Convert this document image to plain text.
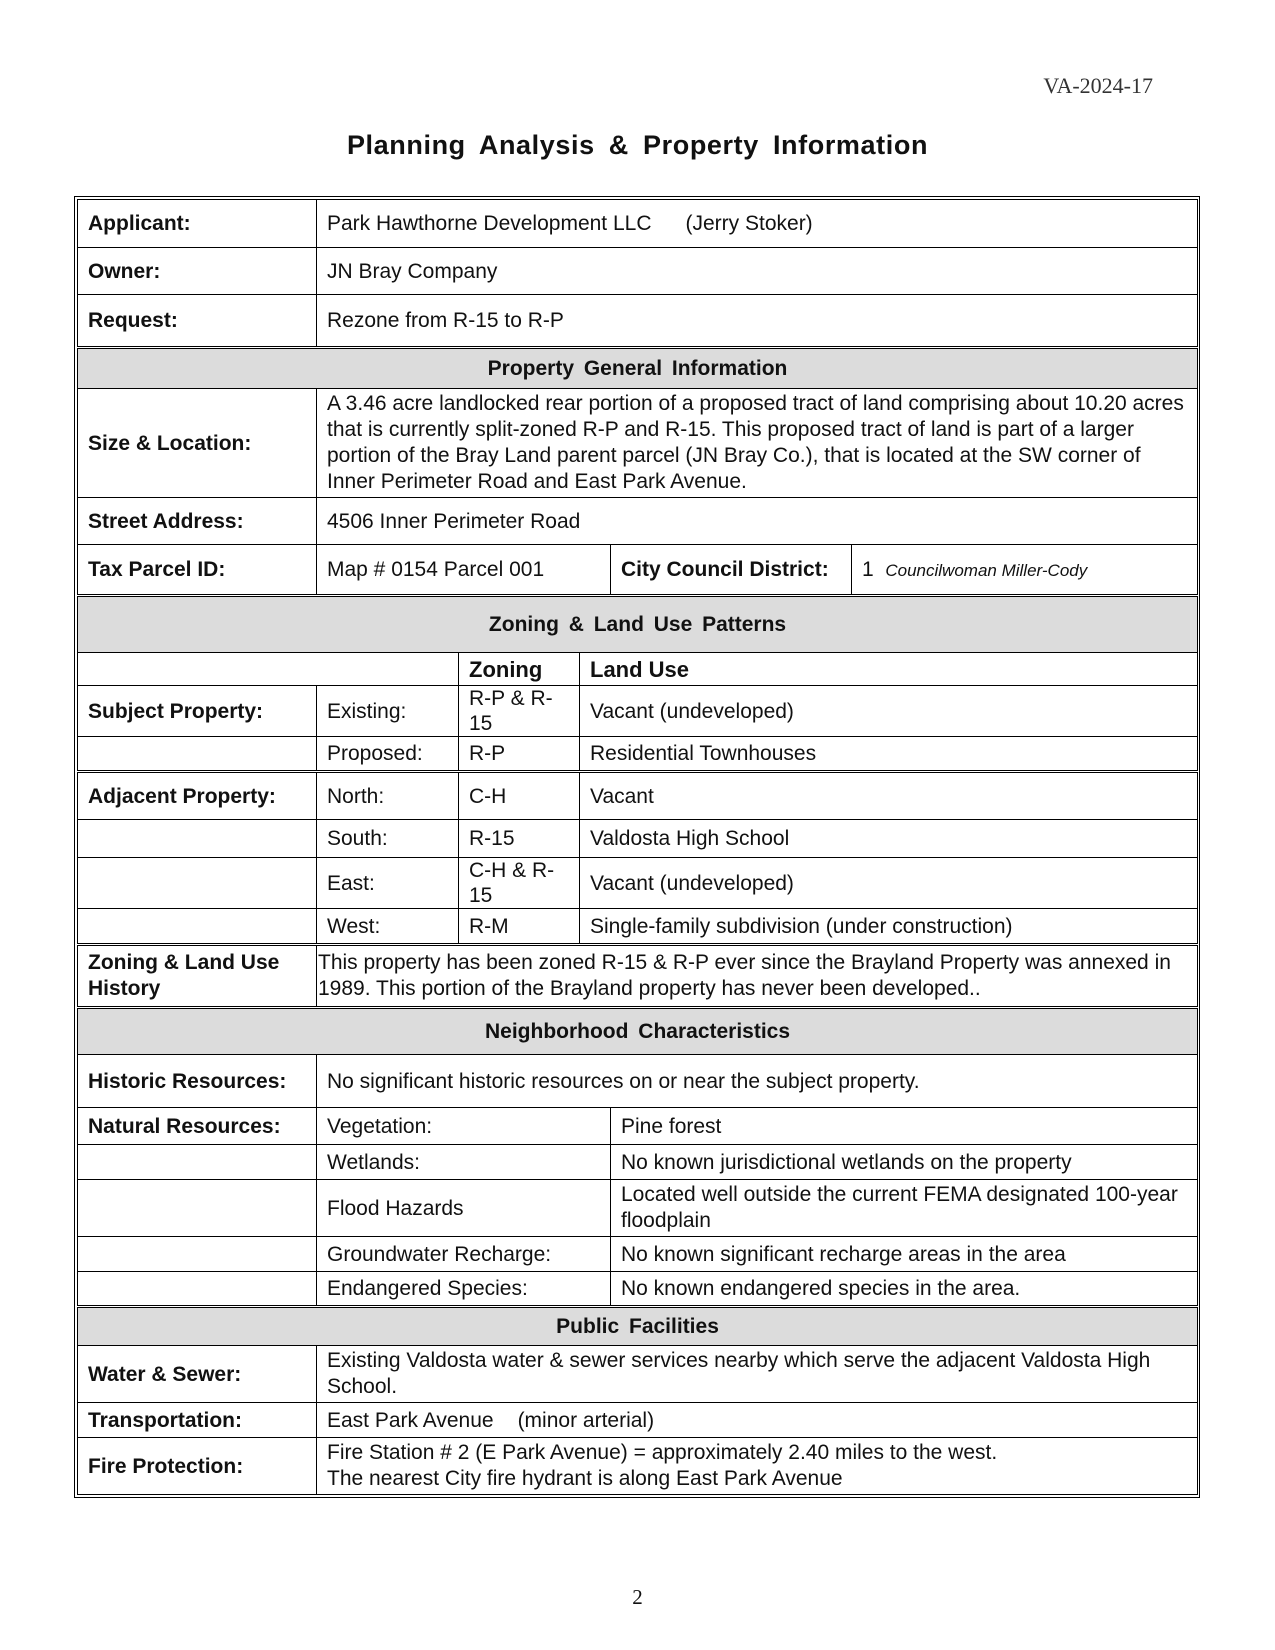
VA-2024-17
Planning Analysis & Property Information
Applicant:	Park Hawthorne Development LLC (Jerry Stoker)				
Owner:	JN Bray Company				
Request:	Rezone from R-15 to R-P				
Property General Information					
Size & Location:	A 3.46 acre landlocked rear portion of a proposed tract of land comprising about 10.20 acres that is currently split-zoned R-P and R-15. This proposed tract of land is part of a larger portion of the Bray Land parent parcel (JN Bray Co.), that is located at the SW corner of Inner Perimeter Road and East Park Avenue.				
Street Address:	4506 Inner Perimeter Road				
Tax Parcel ID:	Map # 0154 Parcel 001			City Council District:	1 Councilwoman Miller-Cody
Zoning & Land Use Patterns					
		Zoning	Land Use		
Subject Property:	Existing:	R-P & R-15	Vacant (undeveloped)		
	Proposed:	R-P	Residential Townhouses		
Adjacent Property:	North:	C-H	Vacant		
	South:	R-15	Valdosta High School		
	East:	C-H & R-15	Vacant (undeveloped)		
	West:	R-M	Single-family subdivision (under construction)		
Zoning & Land Use History	This property has been zoned R-15 & R-P ever since the Brayland Property was annexed in 1989. This portion of the Brayland property has never been developed..				
Neighborhood Characteristics					
Historic Resources:	No significant historic resources on or near the subject property.				
Natural Resources:	Vegetation:			Pine forest	
	Wetlands:			No known jurisdictional wetlands on the property	
	Flood Hazards			Located well outside the current FEMA designated 100-year floodplain	
	Groundwater Recharge:			No known significant recharge areas in the area	
	Endangered Species:			No known endangered species in the area.	
Public Facilities					
Water & Sewer:	Existing Valdosta water & sewer services nearby which serve the adjacent Valdosta High School.				
Transportation:	East Park Avenue (minor arterial)				
Fire Protection:	Fire Station # 2 (E Park Avenue) = approximately 2.40 miles to the west.
The nearest City fire hydrant is along East Park Avenue				
2
